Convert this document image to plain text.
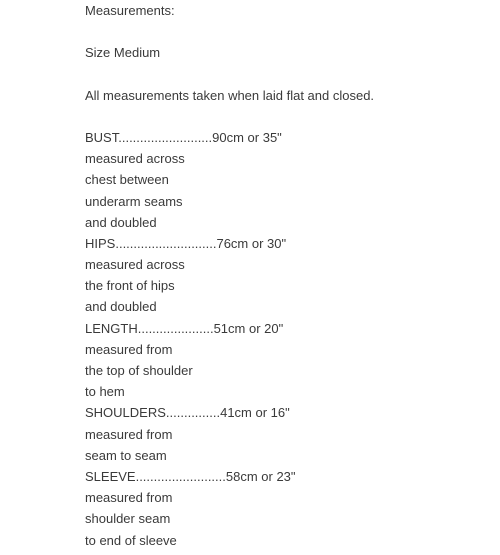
Measurements:
Size Medium
All measurements taken when laid flat and closed.
BUST..........................90cm or 35"
measured across
chest between
underarm seams
and doubled
HIPS............................76cm or 30"
measured across
the front of hips
and doubled
LENGTH.....................51cm or 20"
measured from
the top of shoulder
to hem
SHOULDERS...............41cm or 16"
measured from
seam to seam
SLEEVE.........................58cm or 23"
measured from
shoulder seam
to end of sleeve
